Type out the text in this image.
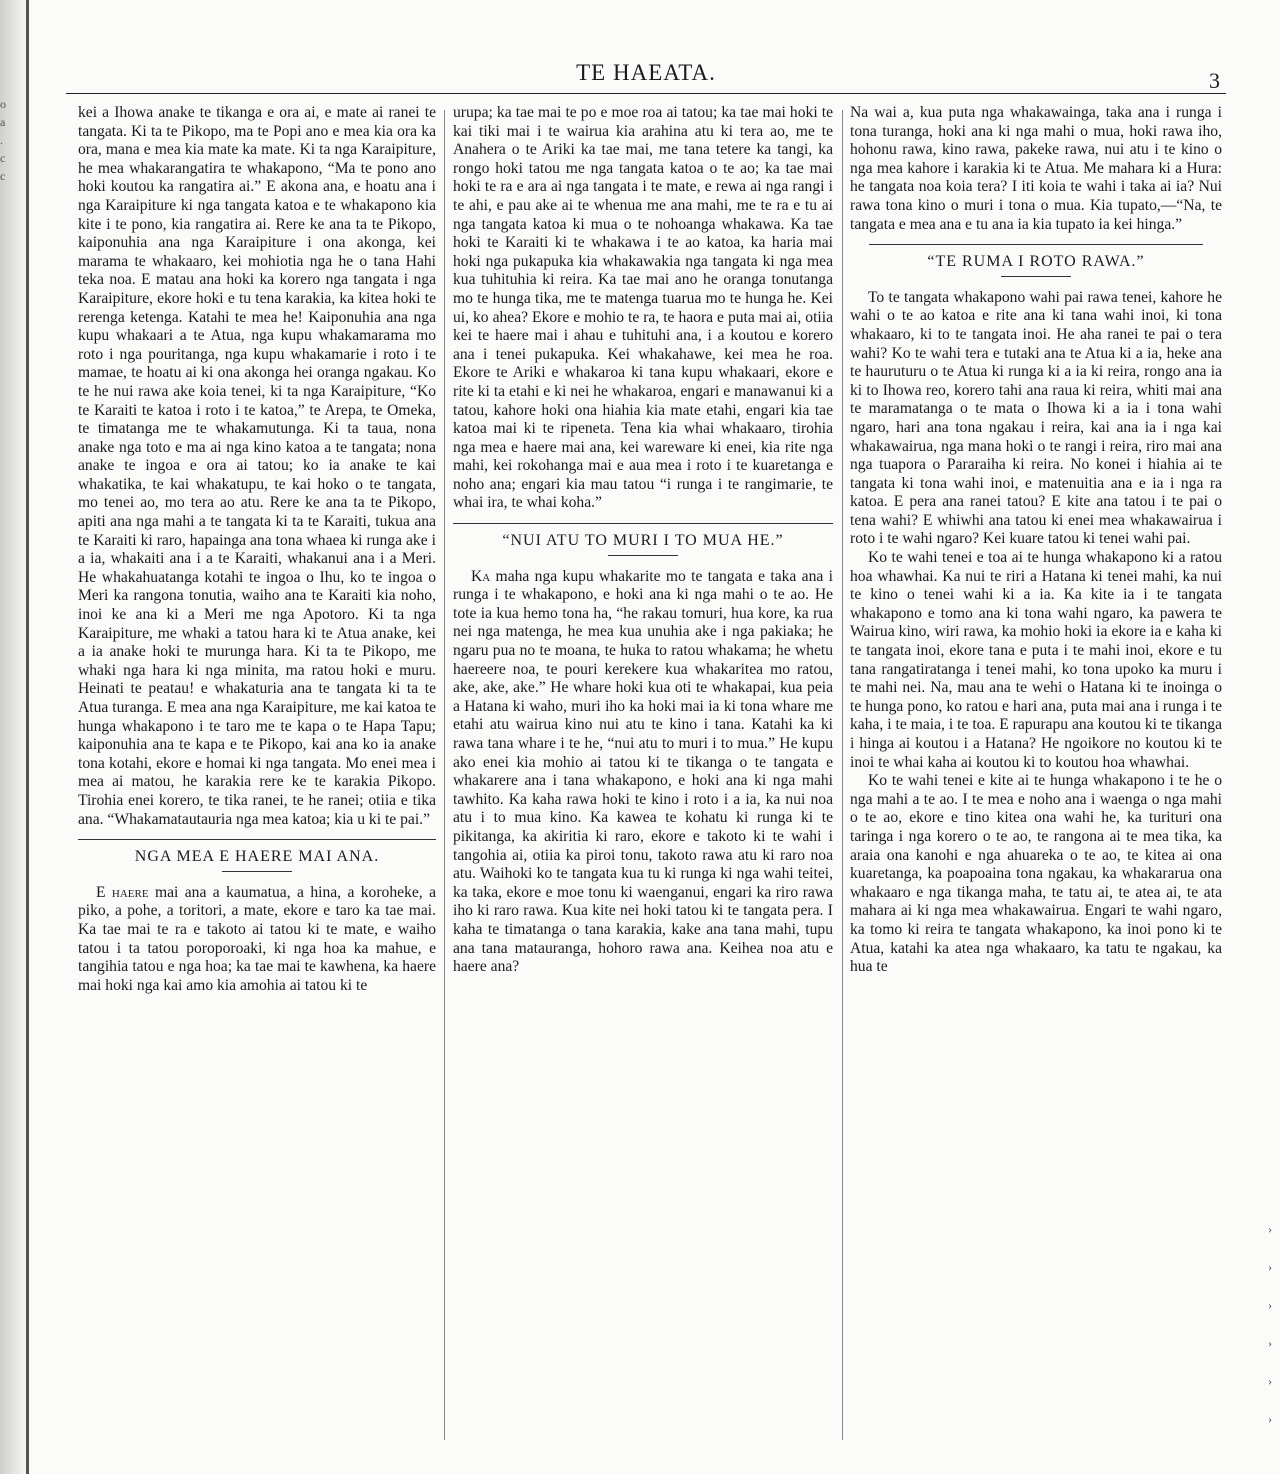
ο
a
.
c
c
›
›
›
›
›
›
TE HAEATA.	3

kei a Ihowa anake te tikanga e ora ai, e mate ai ranei te tangata. Ki ta te Pikopo, ma te Popi ano e mea kia ora ka ora, mana e mea kia mate ka mate. Ki ta nga Karaipiture, he mea whakarangatira te whakapono, “Ma te pono ano hoki koutou ka rangatira ai.” E akona ana, e hoatu ana i nga Karaipiture ki nga tangata katoa e te whakapono kia kite i te pono, kia rangatira ai. Rere ke ana ta te Pikopo, kaiponuhia ana nga Karaipiture i ona akonga, kei marama te whakaaro, kei mohiotia nga he o tana Hahi teka noa. E matau ana hoki ka korero nga tangata i nga Karaipiture, ekore hoki e tu tena karakia, ka kitea hoki te rerenga ketenga. Katahi te mea he! Kaiponuhia ana nga kupu whakaari a te Atua, nga kupu whakamarama mo roto i nga pouritanga, nga kupu whakamarie i roto i te mamae, te hoatu ai ki ona akonga hei oranga ngakau. Ko te he nui rawa ake koia tenei, ki ta nga Karaipiture, “Ko te Karaiti te katoa i roto i te katoa,” te Arepa, te Omeka, te timatanga me te whakamutunga. Ki ta taua, nona anake nga toto e ma ai nga kino katoa a te tangata; nona anake te ingoa e ora ai tatou; ko ia anake te kai whakatika, te kai whakatupu, te kai hoko o te tangata, mo tenei ao, mo tera ao atu. Rere ke ana ta te Pikopo, apiti ana nga mahi a te tangata ki ta te Karaiti, tukua ana te Karaiti ki raro, hapainga ana tona whaea ki runga ake i a ia, whakaiti ana i a te Karaiti, whakanui ana i a Meri. He whakahuatanga kotahi te ingoa o Ihu, ko te ingoa o Meri ka rangona tonutia, waiho ana te Karaiti kia noho, inoi ke ana ki a Meri me nga Apotoro. Ki ta nga Karaipiture, me whaki a tatou hara ki te Atua anake, kei a ia anake hoki te murunga hara. Ki ta te Pikopo, me whaki nga hara ki nga minita, ma ratou hoki e muru. Heinati te peatau! e whakaturia ana te tangata ki ta te Atua turanga. E mea ana nga Karaipiture, me kai katoa te hunga whakapono i te taro me te kapa o te Hapa Tapu; kaiponuhia ana te kapa e te Pikopo, kai ana ko ia anake tona kotahi, ekore e homai ki nga tangata. Mo enei mea i mea ai matou, he karakia rere ke te karakia Pikopo. Tirohia enei korero, te tika ranei, te he ranei; otiia e tika ana. “Whakamatautauria nga mea katoa; kia u ki te pai.”

NGA MEA E HAERE MAI ANA.

E haere mai ana a kaumatua, a hina, a koroheke, a piko, a pohe, a toritori, a mate, ekore e taro ka tae mai. Ka tae mai te ra e takoto ai tatou ki te mate, e waiho tatou i ta tatou poroporoaki, ki nga hoa ka mahue, e tangihia tatou e nga hoa; ka tae mai te kawhena, ka haere mai hoki nga kai amo kia amohia ai tatou ki te

urupa; ka tae mai te po e moe roa ai tatou; ka tae mai hoki te kai tiki mai i te wairua kia arahina atu ki tera ao, me te Anahera o te Ariki ka tae mai, me tana tetere ka tangi, ka rongo hoki tatou me nga tangata katoa o te ao; ka tae mai hoki te ra e ara ai nga tangata i te mate, e rewa ai nga rangi i te ahi, e pau ake ai te whenua me ana mahi, me te ra e tu ai nga tangata katoa ki mua o te nohoanga whakawa. Ka tae hoki te Karaiti ki te whakawa i te ao katoa, ka haria mai hoki nga pukapuka kia whakawakia nga tangata ki nga mea kua tuhituhia ki reira. Ka tae mai ano he oranga tonutanga mo te hunga tika, me te matenga tuarua mo te hunga he. Kei ui, ko ahea? Ekore e mohio te ra, te haora e puta mai ai, otiia kei te haere mai i ahau e tuhituhi ana, i a koutou e korero ana i tenei pukapuka. Kei whakahawe, kei mea he roa. Ekore te Ariki e whakaroa ki tana kupu whakaari, ekore e rite ki ta etahi e ki nei he whakaroa, engari e manawanui ki a tatou, kahore hoki ona hiahia kia mate etahi, engari kia tae katoa mai ki te ripeneta. Tena kia whai whakaaro, tirohia nga mea e haere mai ana, kei wareware ki enei, kia rite nga mahi, kei rokohanga mai e aua mea i roto i te kuaretanga e noho ana; engari kia mau tatou “i runga i te rangimarie, te whai ira, te whai koha.”

“NUI ATU TO MURI I TO MUA HE.”

Ka maha nga kupu whakarite mo te tangata e taka ana i runga i te whakapono, e hoki ana ki nga mahi o te ao. He tote ia kua hemo tona ha, “he rakau tomuri, hua kore, ka rua nei nga matenga, he mea kua unuhia ake i nga pakiaka; he ngaru pua no te moana, te huka to ratou whakama; he whetu haereere noa, te pouri kerekere kua whakaritea mo ratou, ake, ake, ake.” He whare hoki kua oti te whakapai, kua peia a Hatana ki waho, muri iho ka hoki mai ia ki tona whare me etahi atu wairua kino nui atu te kino i tana. Katahi ka ki rawa tana whare i te he, “nui atu to muri i to mua.” He kupu ako enei kia mohio ai tatou ki te tikanga o te tangata e whakarere ana i tana whakapono, e hoki ana ki nga mahi tawhito. Ka kaha rawa hoki te kino i roto i a ia, ka nui noa atu i to mua kino. Ka kawea te kohatu ki runga ki te pikitanga, ka akiritia ki raro, ekore e takoto ki te wahi i tangohia ai, otiia ka piroi tonu, takoto rawa atu ki raro noa atu. Waihoki ko te tangata kua tu ki runga ki nga wahi teitei, ka taka, ekore e moe tonu ki waenganui, engari ka riro rawa iho ki raro rawa. Kua kite nei hoki tatou ki te tangata pera. I kaha te timatanga o tana karakia, kake ana tana mahi, tupu ana tana matauranga, hohoro rawa ana. Keihea noa atu e haere ana?

Na wai a, kua puta nga whakawainga, taka ana i runga i tona turanga, hoki ana ki nga mahi o mua, hoki rawa iho, hohonu rawa, kino rawa, pakeke rawa, nui atu i te kino o nga mea kahore i karakia ki te Atua. Me mahara ki a Hura: he tangata noa koia tera? I iti koia te wahi i taka ai ia? Nui rawa tona kino o muri i tona o mua. Kia tupato,—“Na, te tangata e mea ana e tu ana ia kia tupato ia kei hinga.”

“TE RUMA I ROTO RAWA.”

To te tangata whakapono wahi pai rawa tenei, kahore he wahi o te ao katoa e rite ana ki tana wahi inoi, ki tona whakaaro, ki to te tangata inoi. He aha ranei te pai o tera wahi? Ko te wahi tera e tutaki ana te Atua ki a ia, heke ana te hauruturu o te Atua ki runga ki a ia ki reira, rongo ana ia ki to Ihowa reo, korero tahi ana raua ki reira, whiti mai ana te maramatanga o te mata o Ihowa ki a ia i tona wahi ngaro, hari ana tona ngakau i reira, kai ana ia i nga kai whakawairua, nga mana hoki o te rangi i reira, riro mai ana nga tuapora o Pararaiha ki reira. No konei i hiahia ai te tangata ki tona wahi inoi, e matenuitia ana e ia i nga ra katoa. E pera ana ranei tatou? E kite ana tatou i te pai o tena wahi? E whiwhi ana tatou ki enei mea whakawairua i roto i te wahi ngaro? Kei kuare tatou ki tenei wahi pai.

Ko te wahi tenei e toa ai te hunga whakapono ki a ratou hoa whawhai. Ka nui te riri a Hatana ki tenei mahi, ka nui te kino o tenei wahi ki a ia. Ka kite ia i te tangata whakapono e tomo ana ki tona wahi ngaro, ka pawera te Wairua kino, wiri rawa, ka mohio hoki ia ekore ia e kaha ki te tangata inoi, ekore tana e puta i te mahi inoi, ekore e tu tana rangatiratanga i tenei mahi, ko tona upoko ka muru i te mahi nei. Na, mau ana te wehi o Hatana ki te inoinga o te hunga pono, ko ratou e hari ana, puta mai ana i runga i te kaha, i te maia, i te toa. E rapurapu ana koutou ki te tikanga i hinga ai koutou i a Hatana? He ngoikore no koutou ki te inoi te whai kaha ai koutou ki to koutou hoa whawhai.

Ko te wahi tenei e kite ai te hunga whakapono i te he o nga mahi a te ao. I te mea e noho ana i waenga o nga mahi o te ao, ekore e tino kitea ona wahi he, ka turituri ona taringa i nga korero o te ao, te rangona ai te mea tika, ka araia ona kanohi e nga ahuareka o te ao, te kitea ai ona kuaretanga, ka poapoaina tona ngakau, ka whakararua ona whakaaro e nga tikanga maha, te tatu ai, te atea ai, te ata mahara ai ki nga mea whakawairua. Engari te wahi ngaro, ka tomo ki reira te tangata whakapono, ka inoi pono ki te Atua, katahi ka atea nga whakaaro, ka tatu te ngakau, ka hua te
